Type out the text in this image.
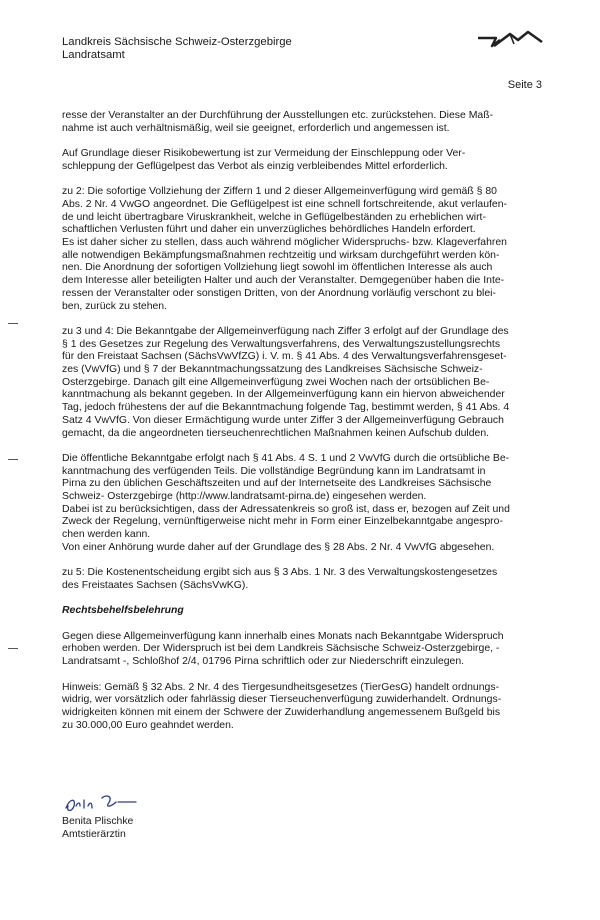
Landkreis Sächsische Schweiz-Osterzgebirge
Landratsamt
Seite 3
resse der Veranstalter an der Durchführung der Ausstellungen etc. zurückstehen. Diese Maß-
nahme ist auch verhältnismäßig, weil sie geeignet, erforderlich und angemessen ist.
Auf Grundlage dieser Risikobewertung ist zur Vermeidung der Einschleppung oder Ver-
schleppung der Geflügelpest das Verbot als einzig verbleibendes Mittel erforderlich.
zu 2: Die sofortige Vollziehung der Ziffern 1 und 2 dieser Allgemeinverfügung wird gemäß § 80
Abs. 2 Nr. 4 VwGO angeordnet. Die Geflügelpest ist eine schnell fortschreitende, akut verlaufen-
de und leicht übertragbare Viruskrankheit, welche in Geflügelbeständen zu erheblichen wirt-
schaftlichen Verlusten führt und daher ein unverzügliches behördliches Handeln erfordert.
Es ist daher sicher zu stellen, dass auch während möglicher Widerspruchs- bzw. Klageverfahren
alle notwendigen Bekämpfungsmaßnahmen rechtzeitig und wirksam durchgeführt werden kön-
nen. Die Anordnung der sofortigen Vollziehung liegt sowohl im öffentlichen Interesse als auch
dem Interesse aller beteiligten Halter und auch der Veranstalter. Demgegenüber haben die Inte-
ressen der Veranstalter oder sonstigen Dritten, von der Anordnung vorläufig verschont zu blei-
ben, zurück zu stehen.
zu 3 und 4: Die Bekanntgabe der Allgemeinverfügung nach Ziffer 3 erfolgt auf der Grundlage des
§ 1 des Gesetzes zur Regelung des Verwaltungsverfahrens, des Verwaltungszustellungsrechts
für den Freistaat Sachsen (SächsVwVfZG) i. V. m. § 41 Abs. 4 des Verwaltungsverfahrensgeset-
zes (VwVfG) und § 7 der Bekanntmachungssatzung des Landkreises Sächsische Schweiz-
Osterzgebirge. Danach gilt eine Allgemeinverfügung zwei Wochen nach der ortsüblichen Be-
kanntmachung als bekannt gegeben. In der Allgemeinverfügung kann ein hiervon abweichender
Tag, jedoch frühestens der auf die Bekanntmachung folgende Tag, bestimmt werden, § 41 Abs. 4
Satz 4 VwVfG. Von dieser Ermächtigung wurde unter Ziffer 3 der Allgemeinverfügung Gebrauch
gemacht, da die angeordneten tierseuchenrechtlichen Maßnahmen keinen Aufschub dulden.
Die öffentliche Bekanntgabe erfolgt nach § 41 Abs. 4 S. 1 und 2 VwVfG durch die ortsübliche Be-
kanntmachung des verfügenden Teils. Die vollständige Begründung kann im Landratsamt in
Pirna zu den üblichen Geschäftszeiten und auf der Internetseite des Landkreises Sächsische
Schweiz- Osterzgebirge (http://www.landratsamt-pirna.de) eingesehen werden.
Dabei ist zu berücksichtigen, dass der Adressatenkreis so groß ist, dass er, bezogen auf Zeit und
Zweck der Regelung, vernünftigerweise nicht mehr in Form einer Einzelbekanntgabe angespro-
chen werden kann.
Von einer Anhörung wurde daher auf der Grundlage des § 28 Abs. 2 Nr. 4 VwVfG abgesehen.
zu 5: Die Kostenentscheidung ergibt sich aus § 3 Abs. 1 Nr. 3 des Verwaltungskostengesetzes
des Freistaates Sachsen (SächsVwKG).
Rechtsbehelfsbelehrung
Gegen diese Allgemeinverfügung kann innerhalb eines Monats nach Bekanntgabe Widerspruch
erhoben werden. Der Widerspruch ist bei dem Landkreis Sächsische Schweiz-Osterzgebirge, -
Landratsamt -, Schloßhof 2/4, 01796 Pirna schriftlich oder zur Niederschrift einzulegen.
Hinweis: Gemäß § 32 Abs. 2 Nr. 4 des Tiergesundheitsgesetzes (TierGesG) handelt ordnungs-
widrig, wer vorsätzlich oder fahrlässig dieser Tierseuchenverfügung zuwiderhandelt. Ordnungs-
widrigkeiten können mit einem der Schwere der Zuwiderhandlung angemessenem Bußgeld bis
zu 30.000,00 Euro geahndet werden.
Benita Plischke
Amtstierärztin
